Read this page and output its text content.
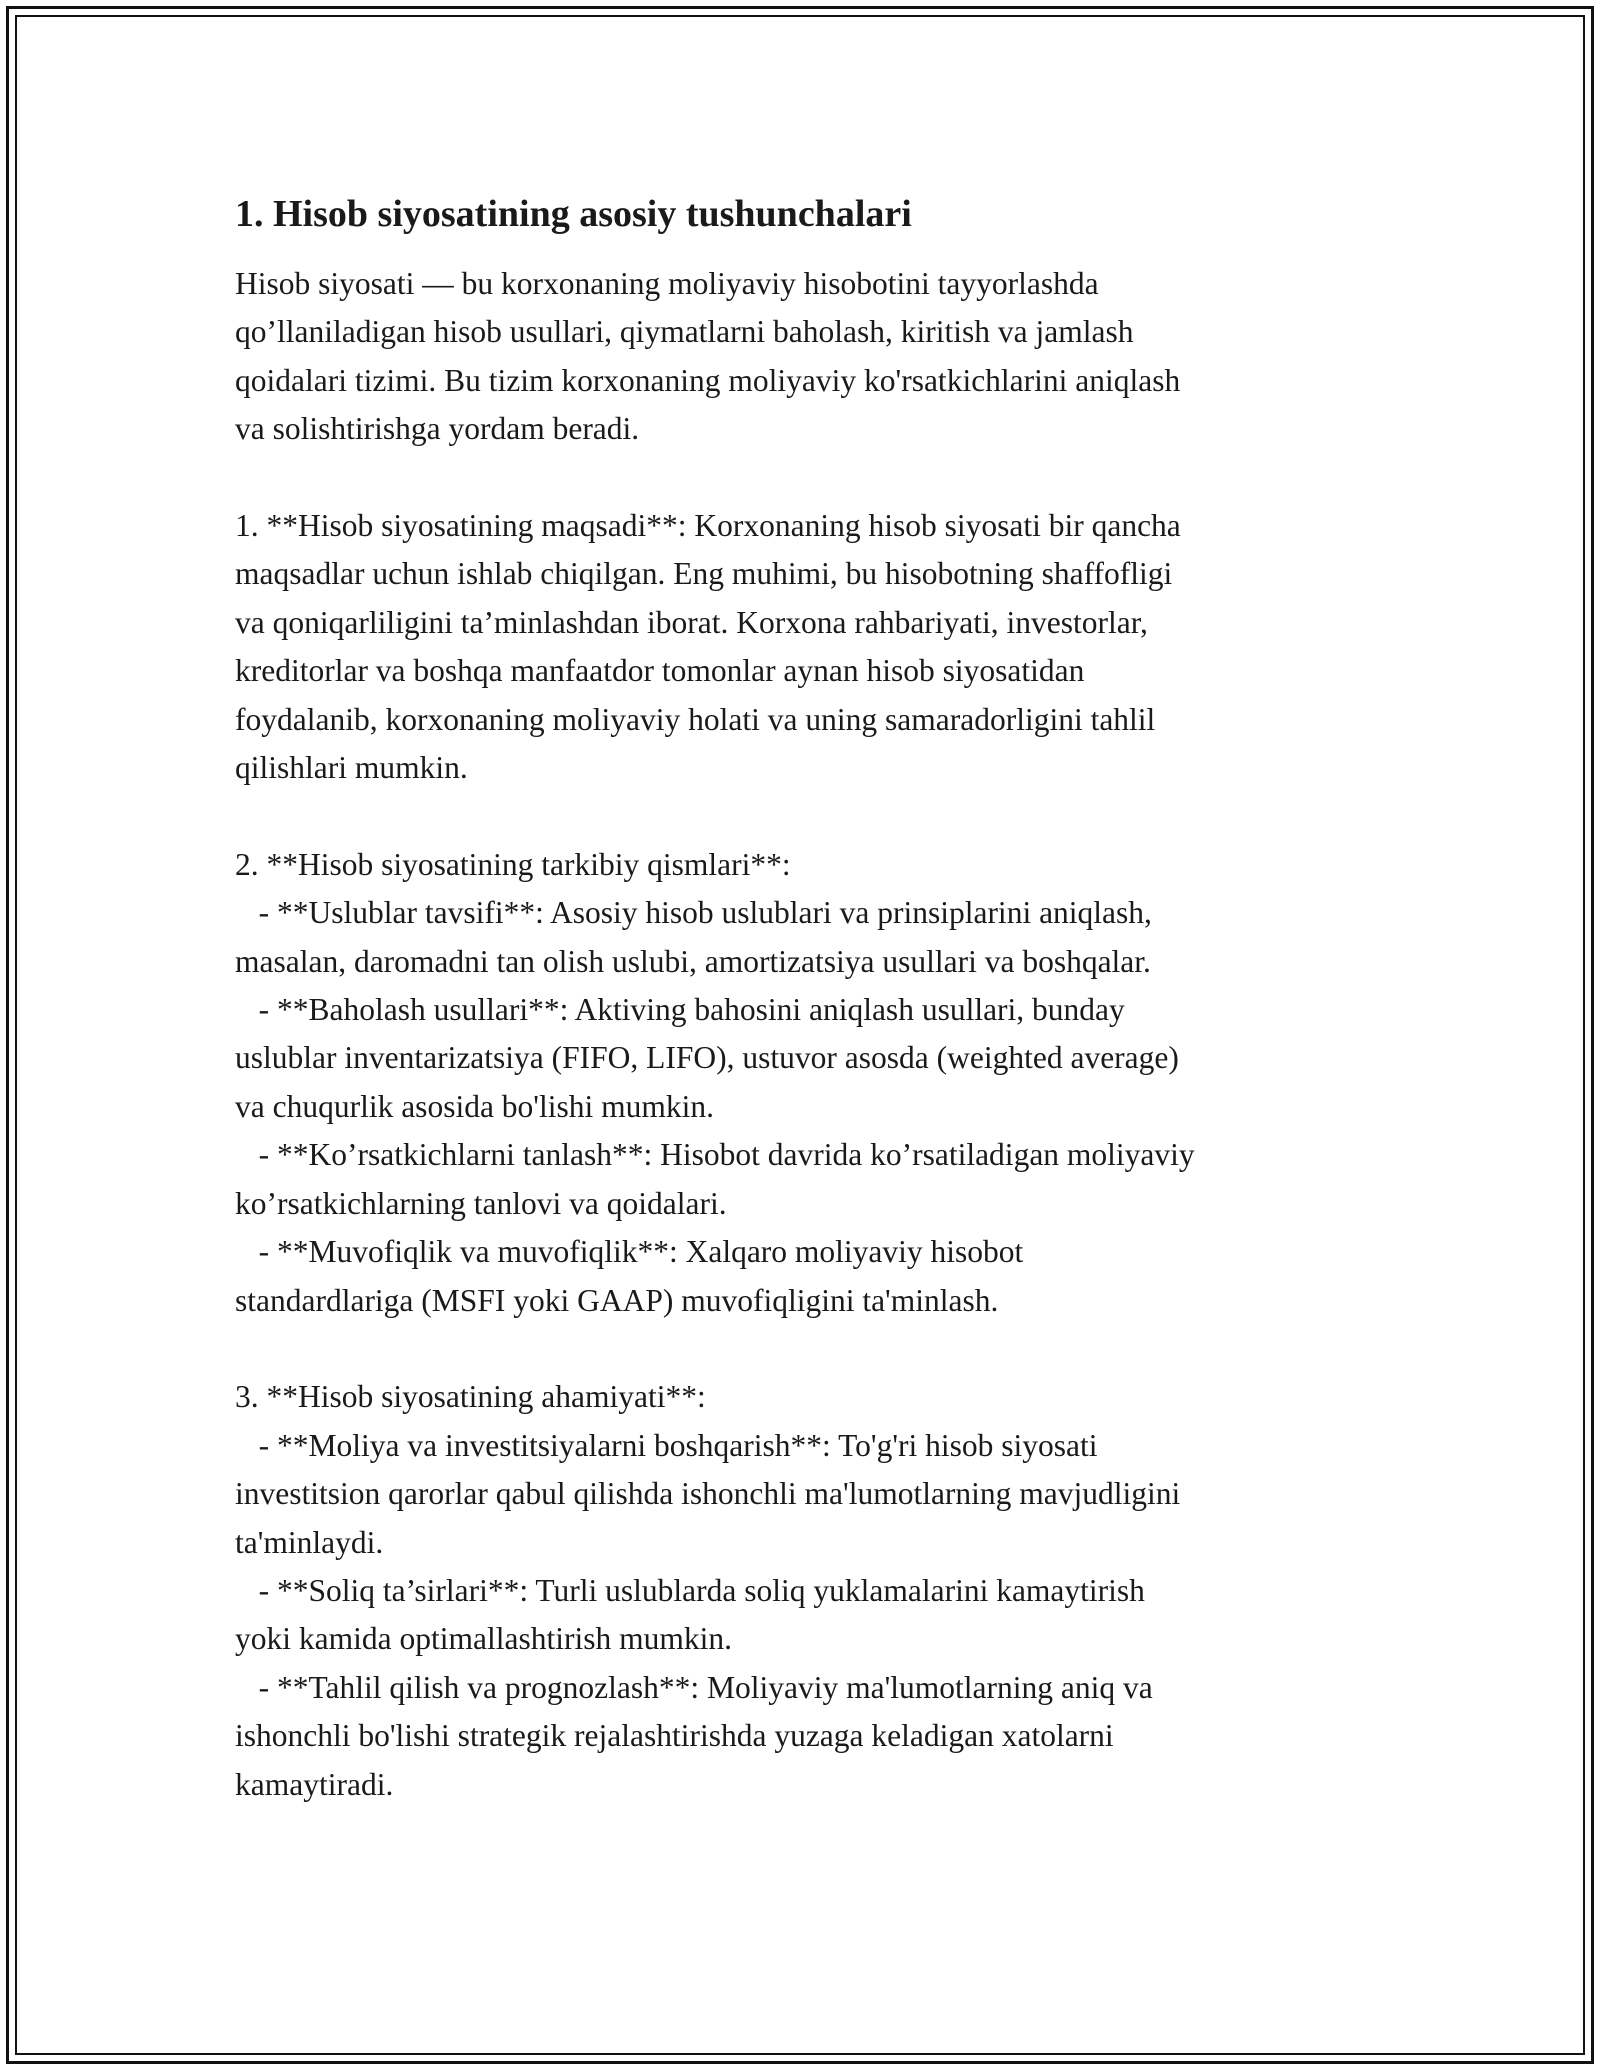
1. Hisob siyosatining asosiy tushunchalari

Hisob siyosati — bu korxonaning moliyaviy hisobotini tayyorlashda
qo’llaniladigan hisob usullari, qiymatlarni baholash, kiritish va jamlash
qoidalari tizimi. Bu tizim korxonaning moliyaviy ko'rsatkichlarini aniqlash
va solishtirishga yordam beradi.

1. **Hisob siyosatining maqsadi**: Korxonaning hisob siyosati bir qancha
maqsadlar uchun ishlab chiqilgan. Eng muhimi, bu hisobotning shaffofligi
va qoniqarliligini ta’minlashdan iborat. Korxona rahbariyati, investorlar,
kreditorlar va boshqa manfaatdor tomonlar aynan hisob siyosatidan
foydalanib, korxonaning moliyaviy holati va uning samaradorligini tahlil
qilishlari mumkin.

2. **Hisob siyosatining tarkibiy qismlari**:
- **Uslublar tavsifi**: Asosiy hisob uslublari va prinsiplarini aniqlash,
masalan, daromadni tan olish uslubi, amortizatsiya usullari va boshqalar.
- **Baholash usullari**: Aktiving bahosini aniqlash usullari, bunday
uslublar inventarizatsiya (FIFO, LIFO), ustuvor asosda (weighted average)
va chuqurlik asosida bo'lishi mumkin.
- **Ko’rsatkichlarni tanlash**: Hisobot davrida ko’rsatiladigan moliyaviy
ko’rsatkichlarning tanlovi va qoidalari.
- **Muvofiqlik va muvofiqlik**: Xalqaro moliyaviy hisobot
standardlariga (MSFI yoki GAAP) muvofiqligini ta'minlash.

3. **Hisob siyosatining ahamiyati**:
- **Moliya va investitsiyalarni boshqarish**: To'g'ri hisob siyosati
investitsion qarorlar qabul qilishda ishonchli ma'lumotlarning mavjudligini
ta'minlaydi.
- **Soliq ta’sirlari**: Turli uslublarda soliq yuklamalarini kamaytirish
yoki kamida optimallashtirish mumkin.
- **Tahlil qilish va prognozlash**: Moliyaviy ma'lumotlarning aniq va
ishonchli bo'lishi strategik rejalashtirishda yuzaga keladigan xatolarni
kamaytiradi.
